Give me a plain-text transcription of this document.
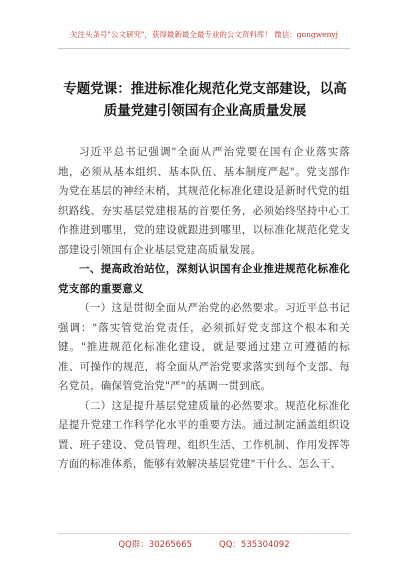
关注头条号"公文研究"，获得最新最全最专业的公文资料库！ 微信：gongwenyj
专题党课：推进标准化规范化党支部建设，以高质量党建引领国有企业高质量发展

习近平总书记强调"全面从严治党要在国有企业落实落地，必须从基本组织、基本队伍、基本制度严起"。党支部作为党在基层的神经末梢，其规范化标准化建设是新时代党的组织路线、夯实基层党建根基的首要任务，必须始终坚持中心工作推进到哪里，党的建设就跟进到哪里，以标准化规范化党支部建设引领国有企业基层党建高质量发展。

一、提高政治站位，深刻认识国有企业推进规范化标准化党支部的重要意义

（一）这是贯彻全面从严治党的必然要求。习近平总书记强调："落实管党治党责任，必须抓好党支部这个根本和关键。"推进规范化标准化建设，就是要通过建立可遵循的标准、可操作的规范，将全面从严治党要求落实到每个支部、每名党员，确保管党治党"严"的基调一贯到底。

（二）这是提升基层党建质量的必然要求。规范化标准化是提升党建工作科学化水平的重要方法。通过制定涵盖组织设置、班子建设、党员管理、组织生活、工作机制、作用发挥等方面的标准体系，能够有效解决基层党建"干什么、怎么干、

QQ群：30265665          QQ：535304092
